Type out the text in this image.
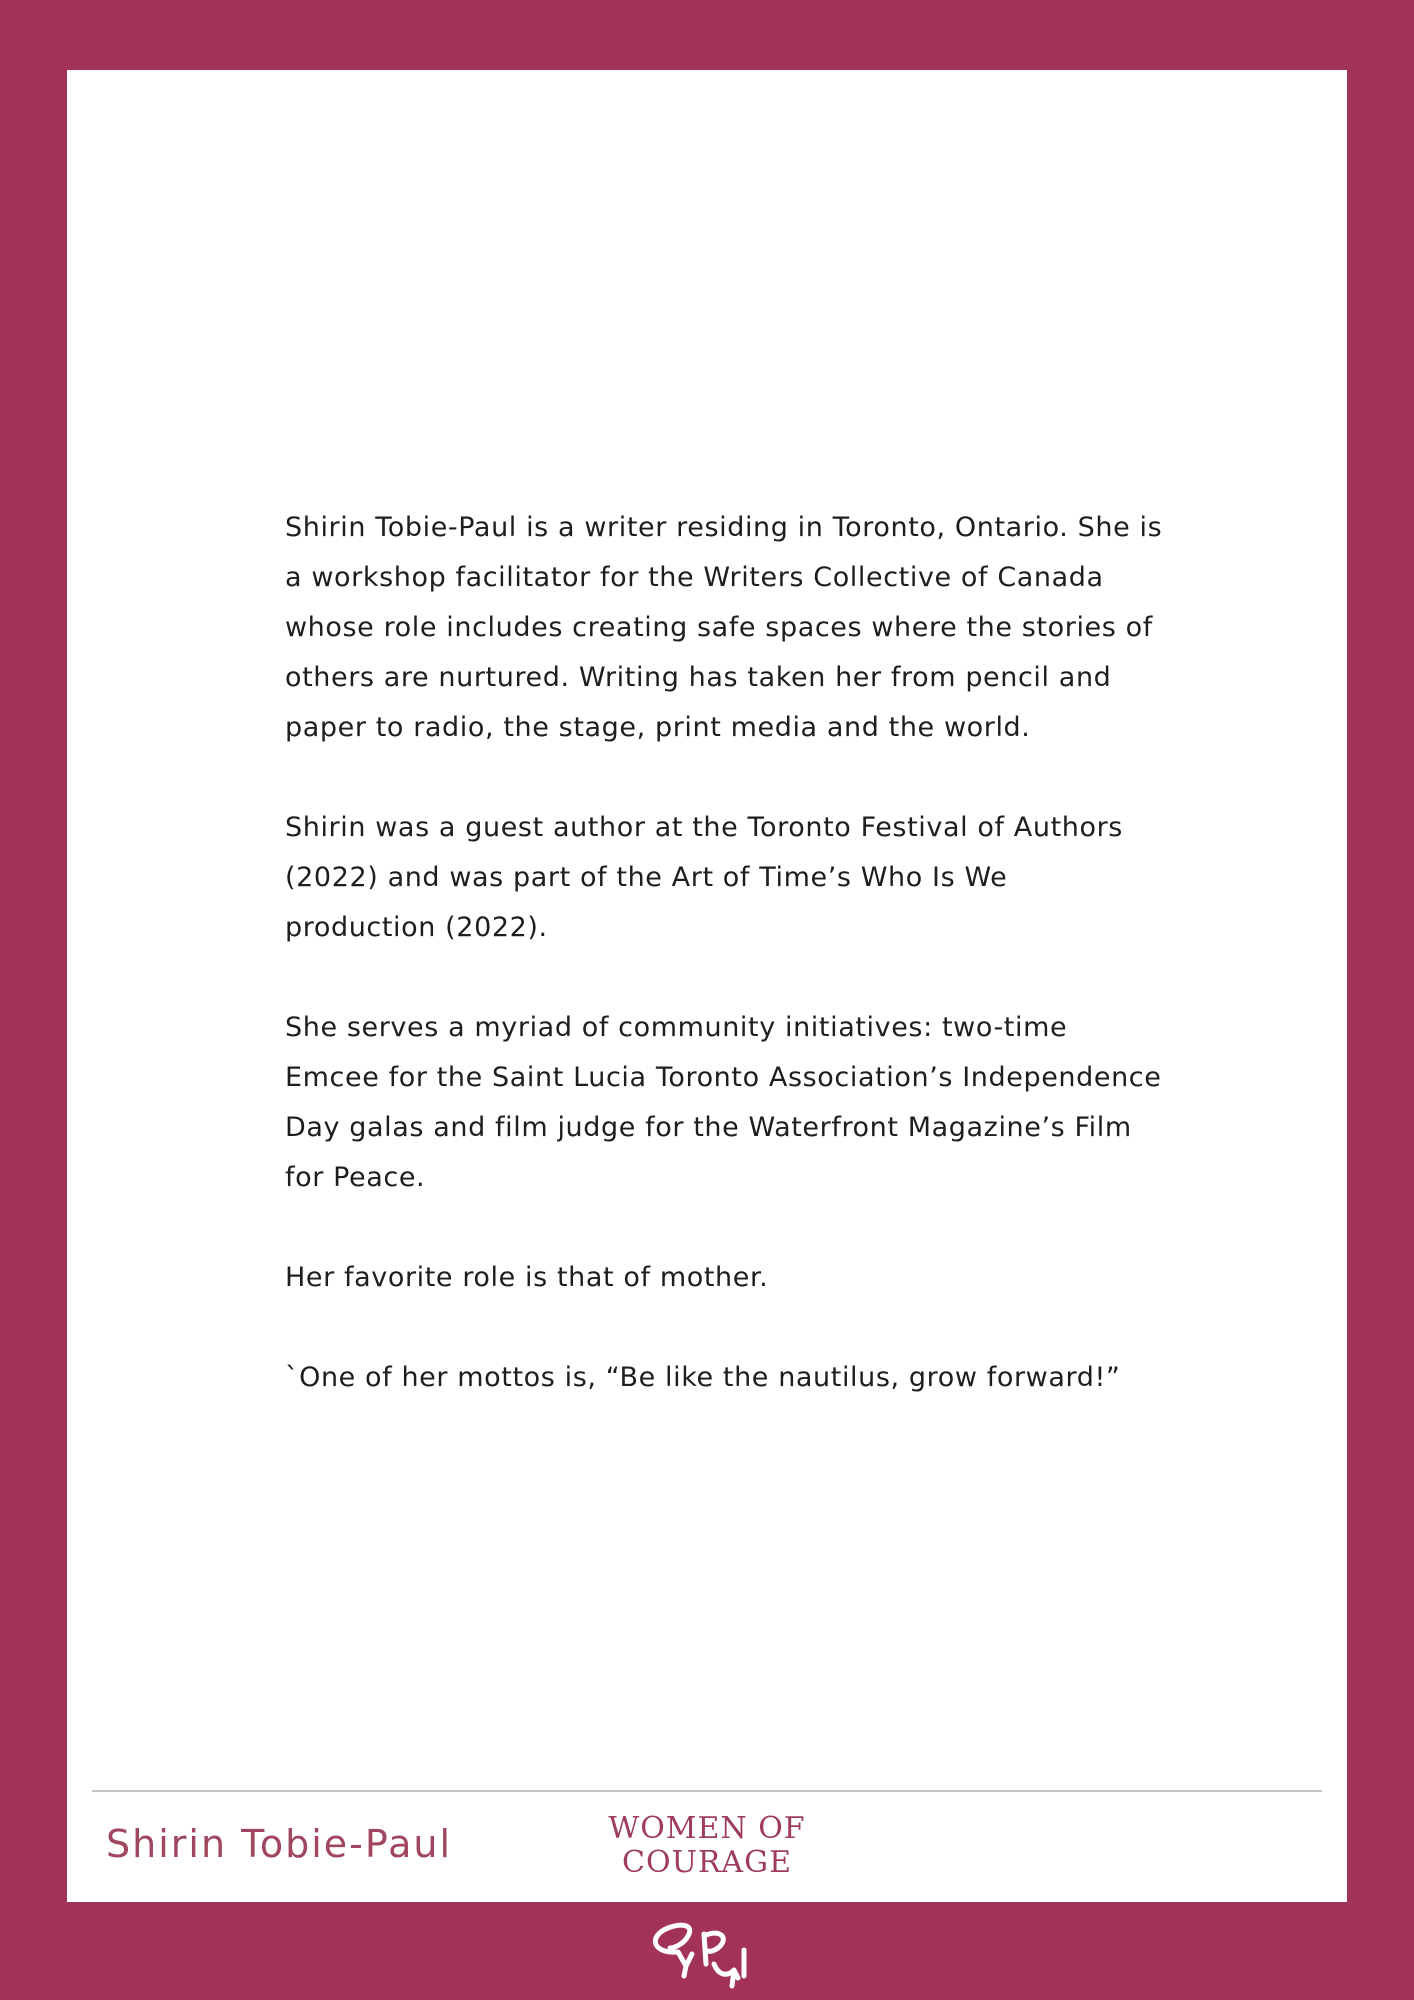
Shirin Tobie-Paul is a writer residing in Toronto, Ontario. She is a workshop facilitator for the Writers Collective of Canada whose role includes creating safe spaces where the stories of others are nurtured. Writing has taken her from pencil and paper to radio, the stage, print media and the world.

Shirin was a guest author at the Toronto Festival of Authors (2022) and was part of the Art of Time’s Who Is We production (2022).

She serves a myriad of community initiatives: two-time Emcee for the Saint Lucia Toronto Association’s Independence Day galas and film judge for the Waterfront Magazine’s Film for Peace.

Her favorite role is that of mother.

`One of her mottos is, “Be like the nautilus, grow forward!”

Shirin Tobie-Paul	WOMEN OF
COURAGE
